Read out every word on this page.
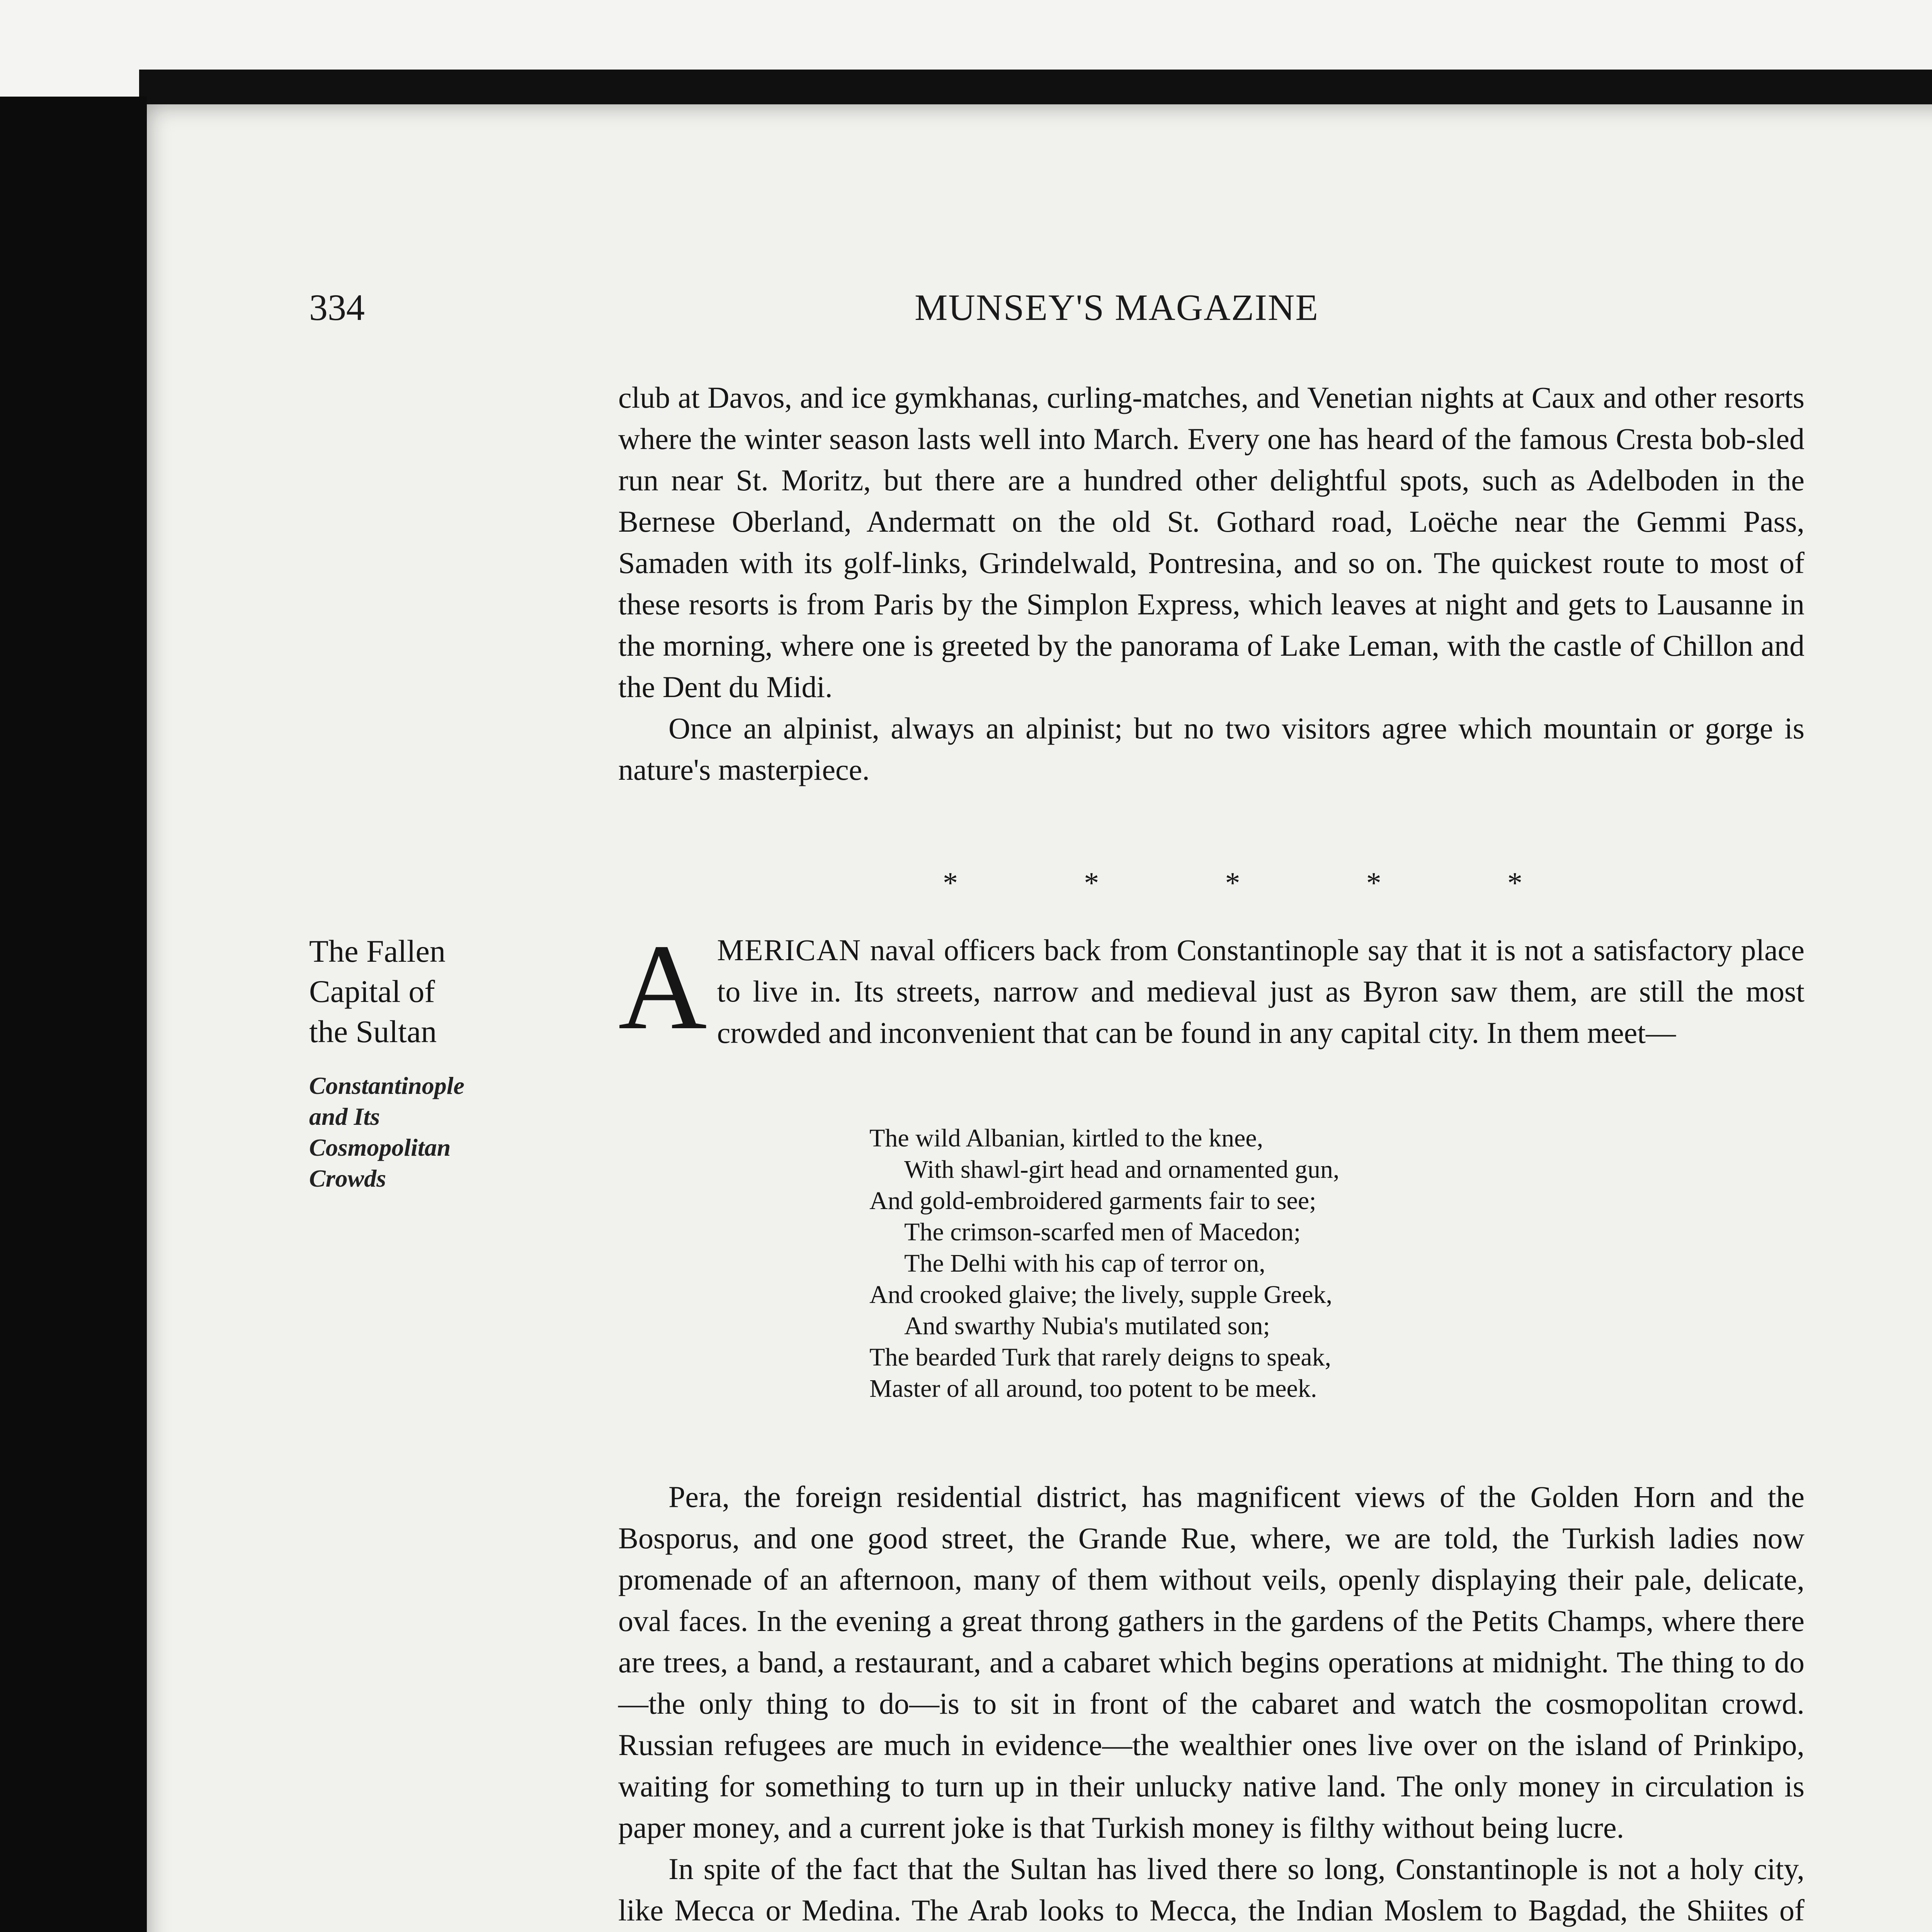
334	MUNSEY'S MAGAZINE

club at Davos, and ice gymkhanas, curling-matches, and Venetian nights at Caux and other resorts where the winter season lasts well into March. Every one has heard of the famous Cresta bob-sled run near St. Moritz, but there are a hundred other delightful spots, such as Adelboden in the Bernese Oberland, Andermatt on the old St. Gothard road, Loëche near the Gemmi Pass, Samaden with its golf-links, Grindelwald, Pontresina, and so on. The quickest route to most of these resorts is from Paris by the Simplon Express, which leaves at night and gets to Lausanne in the morning, where one is greeted by the panorama of Lake Leman, with the castle of Chillon and the Dent du Midi.

Once an alpinist, always an alpinist; but no two visitors agree which mountain or gorge is nature's masterpiece.

*	*	*	*	*
The Fallen
Capital of
the Sultan
Constantinople
and Its
Cosmopolitan
Crowds

AMERICAN naval officers back from Constantinople say that it is not a satisfactory place to live in. Its streets, narrow and medieval just as Byron saw them, are still the most crowded and inconvenient that can be found in any capital city. In them meet—

The wild Albanian, kirtled to the knee,
With shawl-girt head and ornamented gun,
And gold-embroidered garments fair to see;
The crimson-scarfed men of Macedon;
The Delhi with his cap of terror on,
And crooked glaive; the lively, supple Greek,
And swarthy Nubia's mutilated son;
The bearded Turk that rarely deigns to speak,
Master of all around, too potent to be meek.

Pera, the foreign residential district, has magnificent views of the Golden Horn and the Bosporus, and one good street, the Grande Rue, where, we are told, the Turkish ladies now promenade of an afternoon, many of them without veils, openly displaying their pale, delicate, oval faces. In the evening a great throng gathers in the gardens of the Petits Champs, where there are trees, a band, a restaurant, and a cabaret which begins operations at midnight. The thing to do—the only thing to do—is to sit in front of the cabaret and watch the cosmopolitan crowd. Russian refugees are much in evidence—the wealthier ones live over on the island of Prinkipo, waiting for something to turn up in their unlucky native land. The only money in circulation is paper money, and a current joke is that Turkish money is filthy without being lucre.

In spite of the fact that the Sultan has lived there so long, Constantinople is not a holy city, like Mecca or Medina. The Arab looks to Mecca, the Indian Moslem to Bagdad, the Shiites of
